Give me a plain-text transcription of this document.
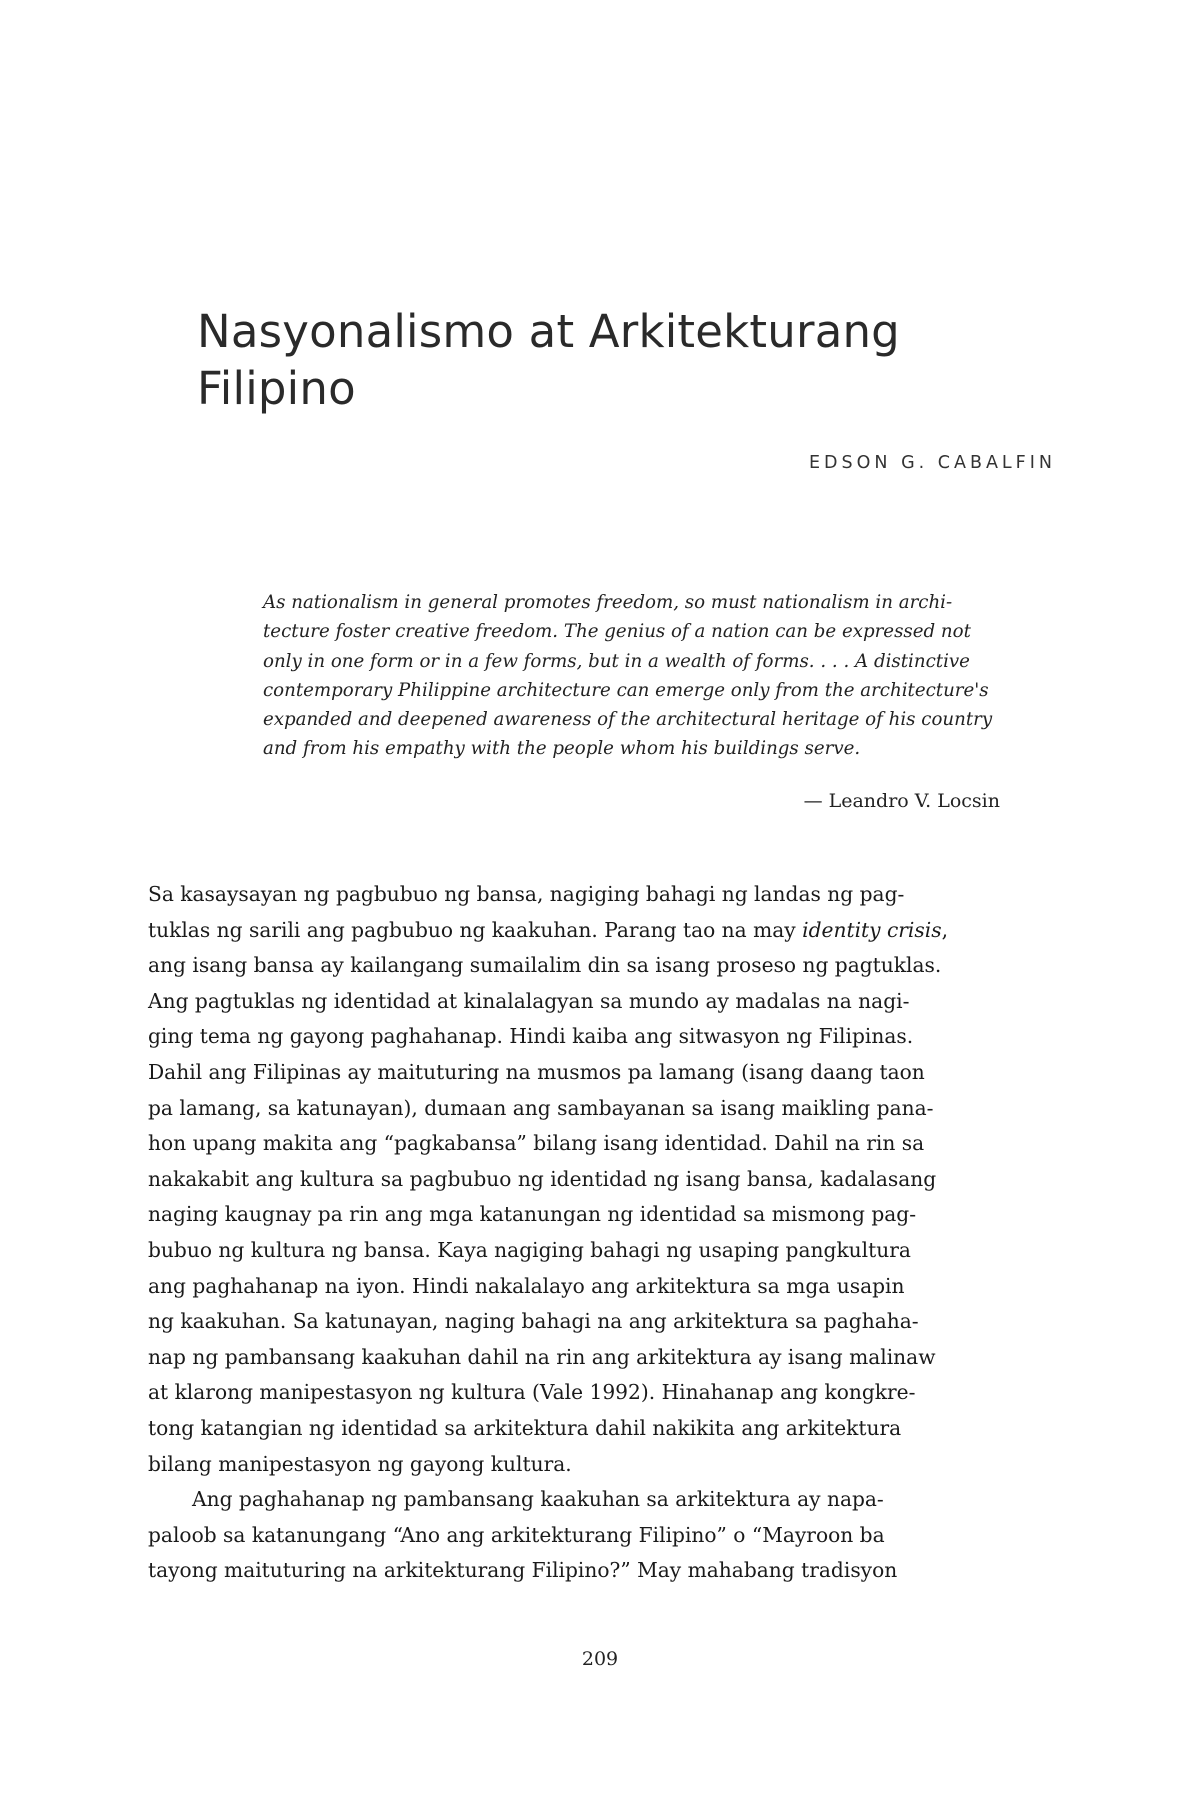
Nasyonalismo at Arkitekturang
Filipino

EDSON G. CABALFIN

As nationalism in general promotes freedom, so must nationalism in archi-
tecture foster creative freedom. The genius of a nation can be expressed not
only in one form or in a few forms, but in a wealth of forms. . . . A distinctive
contemporary Philippine architecture can emerge only from the architecture's
expanded and deepened awareness of the architectural heritage of his country
and from his empathy with the people whom his buildings serve.

— Leandro V. Locsin

Sa kasaysayan ng pagbubuo ng bansa, nagiging bahagi ng landas ng pag-
tuklas ng sarili ang pagbubuo ng kaakuhan. Parang tao na may identity crisis,
ang isang bansa ay kailangang sumailalim din sa isang proseso ng pagtuklas.
Ang pagtuklas ng identidad at kinalalagyan sa mundo ay madalas na nagi-
ging tema ng gayong paghahanap. Hindi kaiba ang sitwasyon ng Filipinas.
Dahil ang Filipinas ay maituturing na musmos pa lamang (isang daang taon
pa lamang, sa katunayan), dumaan ang sambayanan sa isang maikling pana-
hon upang makita ang “pagkabansa” bilang isang identidad. Dahil na rin sa
nakakabit ang kultura sa pagbubuo ng identidad ng isang bansa, kadalasang
naging kaugnay pa rin ang mga katanungan ng identidad sa mismong pag-
bubuo ng kultura ng bansa. Kaya nagiging bahagi ng usaping pangkultura
ang paghahanap na iyon. Hindi nakalalayo ang arkitektura sa mga usapin
ng kaakuhan. Sa katunayan, naging bahagi na ang arkitektura sa paghaha-
nap ng pambansang kaakuhan dahil na rin ang arkitektura ay isang malinaw
at klarong manipestasyon ng kultura (Vale 1992). Hinahanap ang kongkre-
tong katangian ng identidad sa arkitektura dahil nakikita ang arkitektura
bilang manipestasyon ng gayong kultura.
Ang paghahanap ng pambansang kaakuhan sa arkitektura ay napa-
paloob sa katanungang “Ano ang arkitekturang Filipino” o “Mayroon ba
tayong maituturing na arkitekturang Filipino?” May mahabang tradisyon

209
